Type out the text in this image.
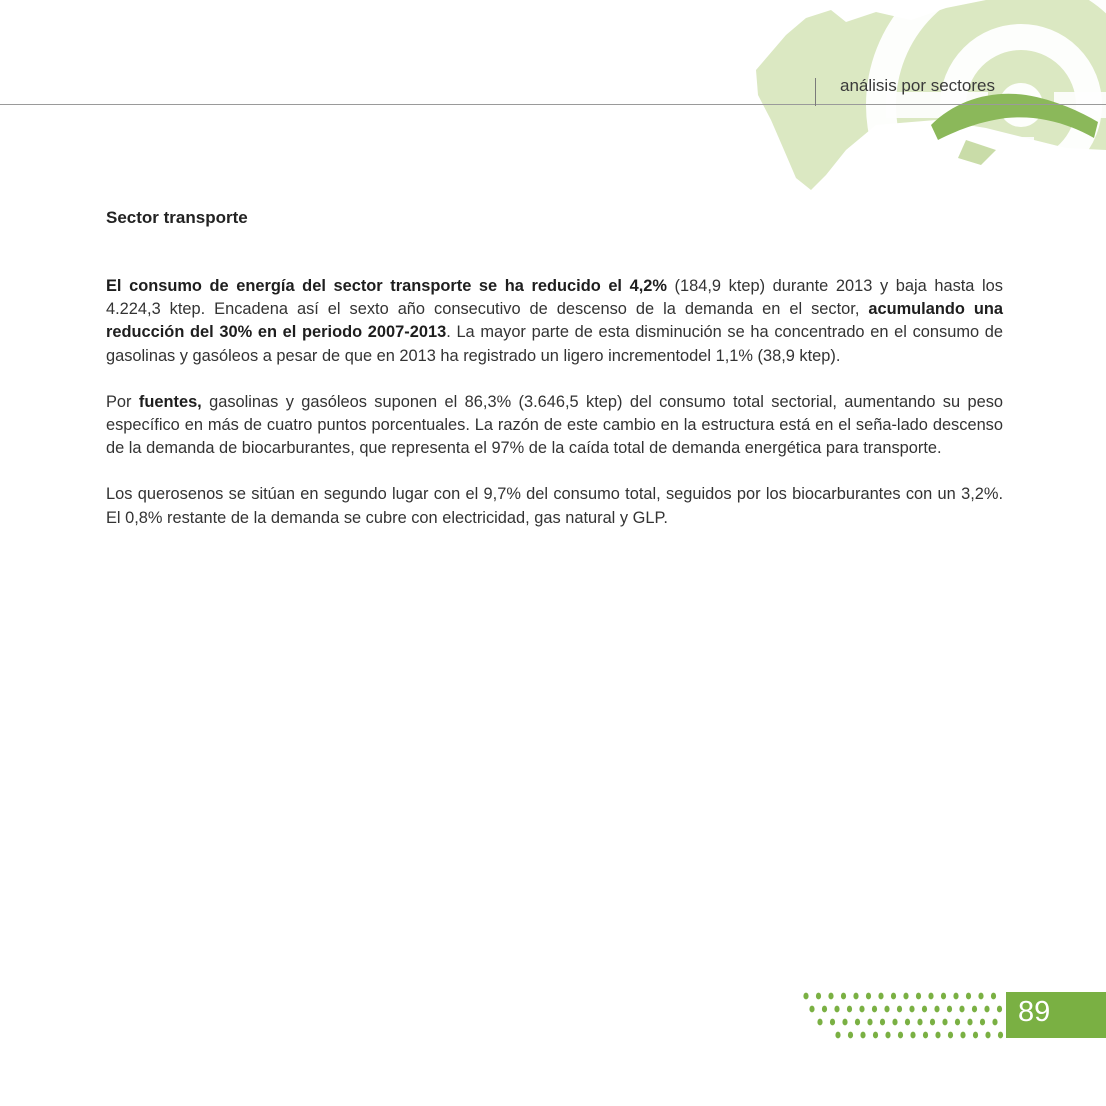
análisis por sectores
Sector transporte

El consumo de energía del sector transporte se ha reducido el 4,2% (184,9 ktep) durante 2013 y baja hasta los 4.224,3 ktep. Encadena así el sexto año consecutivo de descenso de la demanda en el sector, acumulando una reducción del 30% en el periodo 2007-2013. La mayor parte de esta disminución se ha concentrado en el consumo de gasolinas y gasóleos a pesar de que en 2013 ha registrado un ligero incrementodel 1,1% (38,9 ktep).

Por fuentes, gasolinas y gasóleos suponen el 86,3% (3.646,5 ktep) del consumo total sectorial, aumentando su peso específico en más de cuatro puntos porcentuales. La razón de este cambio en la estructura está en el seña-lado descenso de la demanda de biocarburantes, que representa el 97% de la caída total de demanda energética para transporte.

Los querosenos se sitúan en segundo lugar con el 9,7% del consumo total, seguidos por los biocarburantes con un 3,2%. El 0,8% restante de la demanda se cubre con electricidad, gas natural y GLP.

89
